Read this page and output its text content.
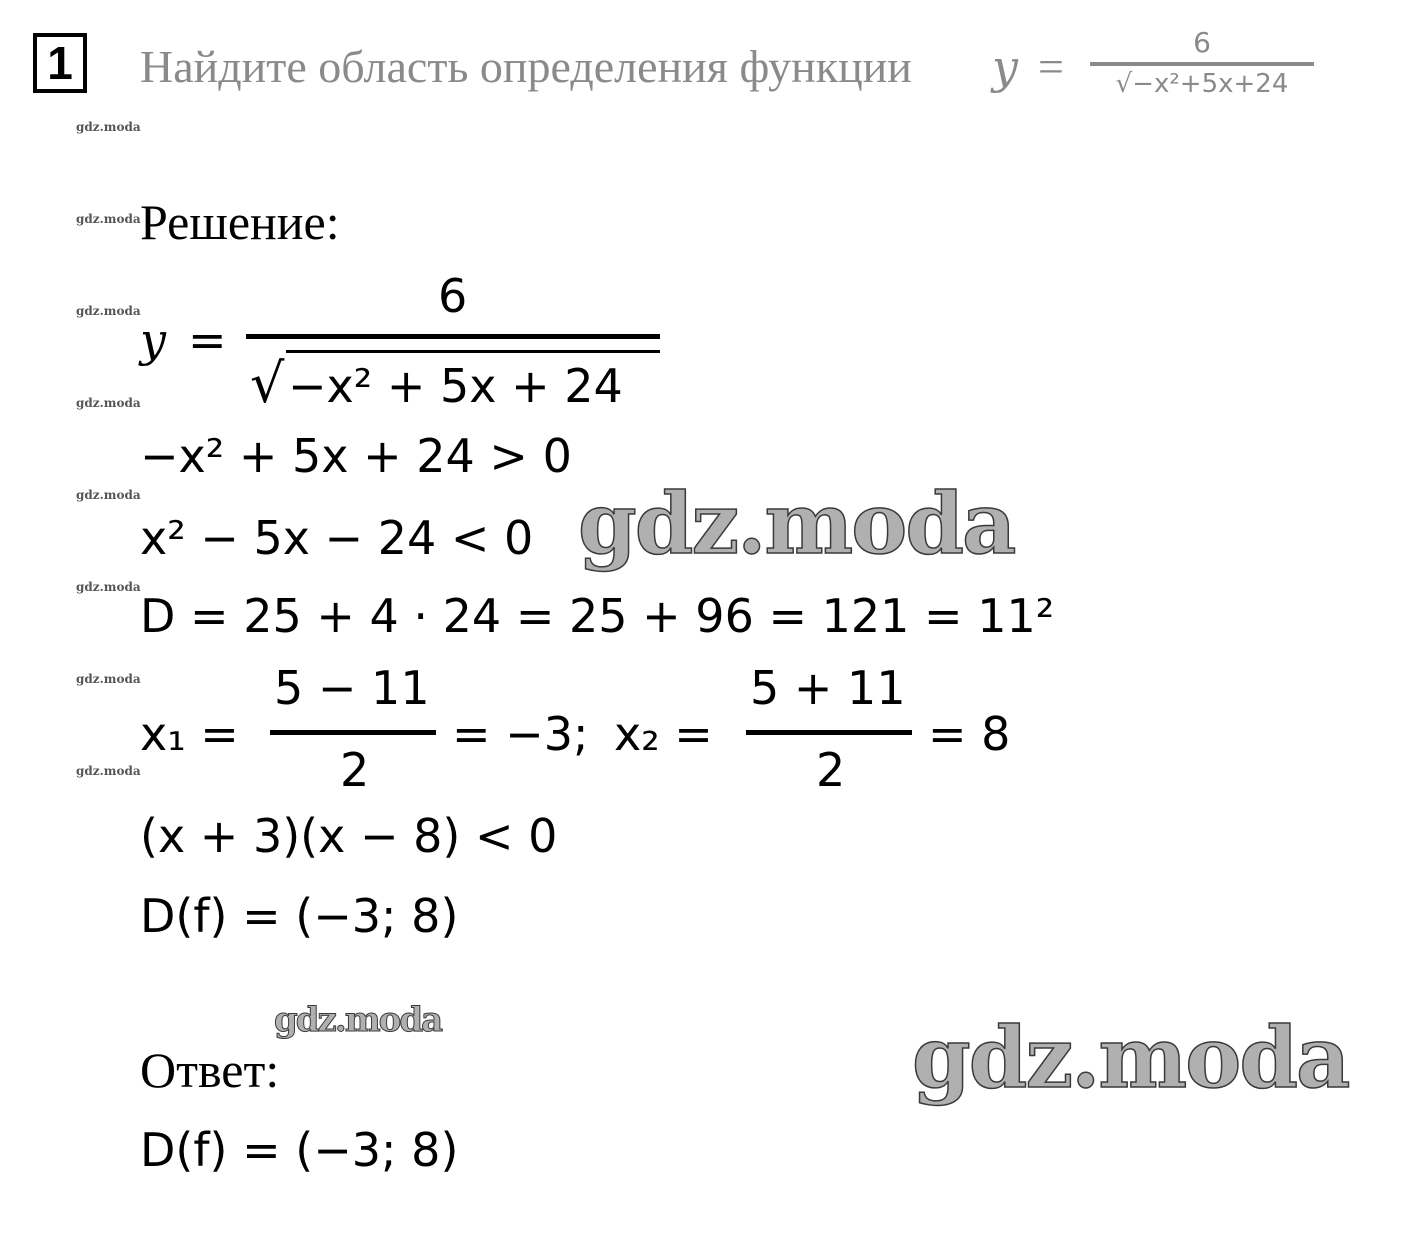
1	Найдите область определения функции y =	6
√−x²+5x+24
gdz.moda
gdz.moda
gdz.moda
gdz.moda
gdz.moda
gdz.moda
gdz.moda
gdz.moda
Решение:
y =
6
√ −x² + 5x + 24
−x² + 5x + 24 > 0
x² − 5x − 24 < 0
D = 25 + 4 · 24 = 25 + 96 = 121 = 11²
x₁ =
5 − 11
2
= −3; x₂ =
5 + 11
2
= 8
(x + 3)(x − 8) < 0
D(f) = (−3; 8)
Ответ:
D(f) = (−3; 8)
gdz.moda
gdz.moda	gdz.moda
